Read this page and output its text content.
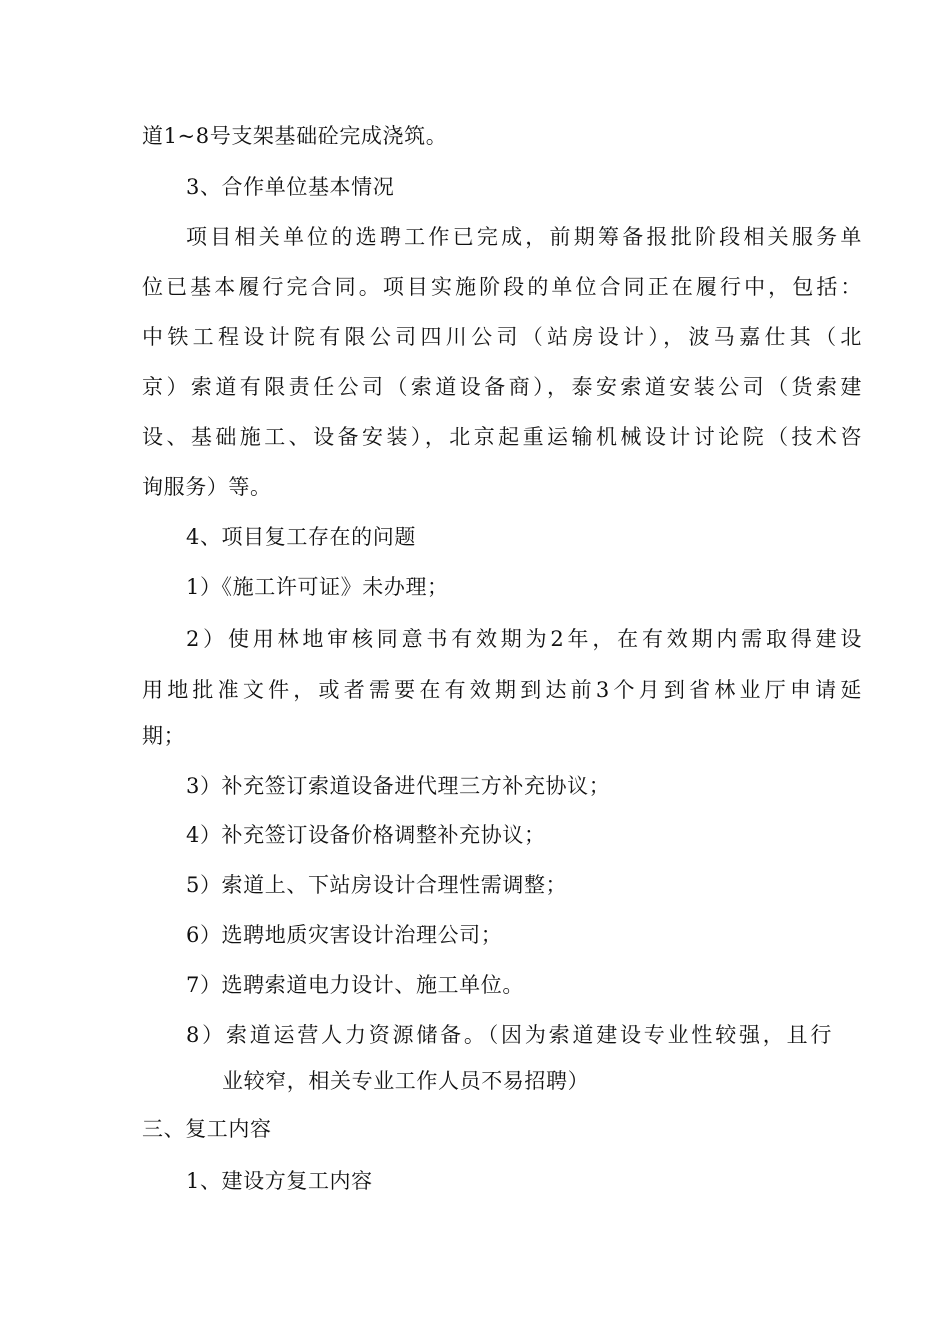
道1~8号支架基础砼完成浇筑。
3、合作单位基本情况
项目相关单位的选聘工作已完成，前期筹备报批阶段相关服务单
位已基本履行完合同。项目实施阶段的单位合同正在履行中，包括：
中铁工程设计院有限公司四川公司（站房设计），波马嘉仕其（北
京）索道有限责任公司（索道设备商），泰安索道安装公司（货索建
设、基础施工、设备安装），北京起重运输机械设计讨论院（技术咨
询服务）等。
4、项目复工存在的问题
1）《施工许可证》未办理；
2）使用林地审核同意书有效期为2年，在有效期内需取得建设
用地批准文件，或者需要在有效期到达前3个月到省林业厅申请延
期；
3）补充签订索道设备进代理三方补充协议；
4）补充签订设备价格调整补充协议；
5）索道上、下站房设计合理性需调整；
6）选聘地质灾害设计治理公司；
7）选聘索道电力设计、施工单位。
8）索道运营人力资源储备。（因为索道建设专业性较强，且行
业较窄，相关专业工作人员不易招聘）
三、复工内容
1、建设方复工内容
